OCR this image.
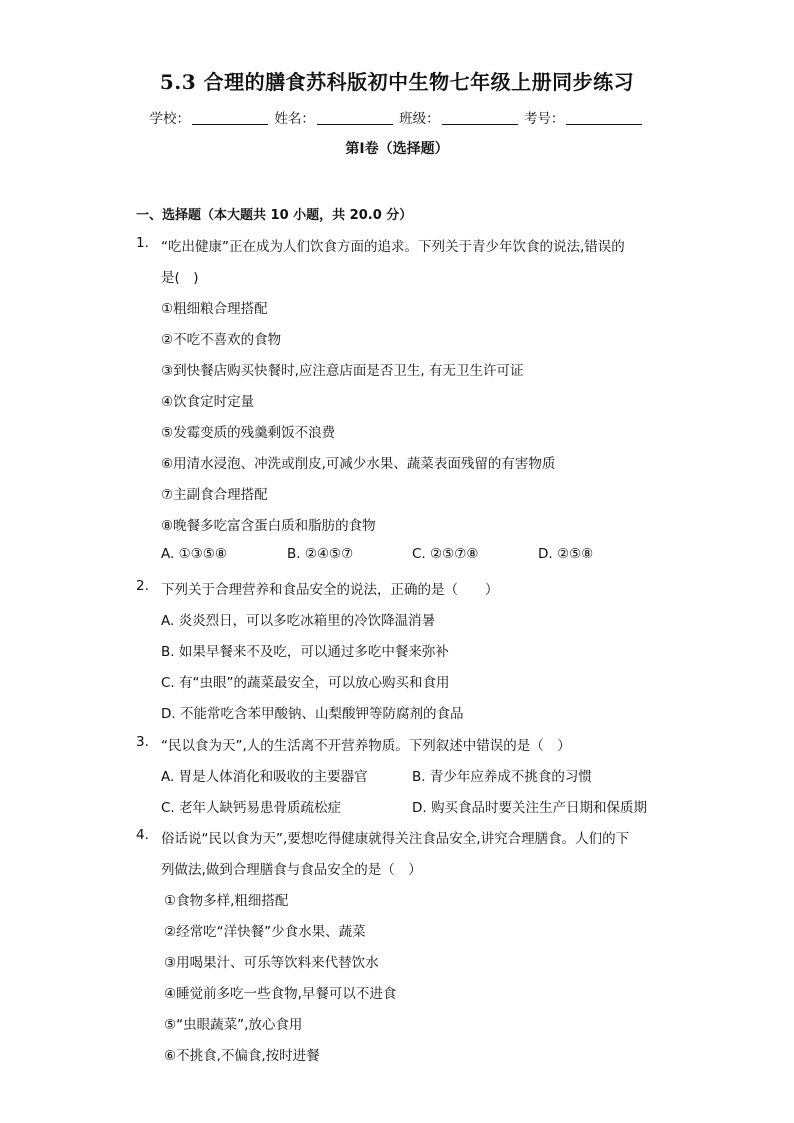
5.3 合理的膳食苏科版初中生物七年级上册同步练习
学校：	姓名：	班级：	考号：
第I卷（选择题）
一、选择题（本大题共 10 小题，共 20.0 分）
1. “吃出健康”正在成为人们饮食方面的追求。下列关于青少年饮食的说法,错误的
是(　)
①粗细粮合理搭配
②不吃不喜欢的食物
③到快餐店购买快餐时,应注意店面是否卫生, 有无卫生许可证
④饮食定时定量
⑤发霉变质的残羹剩饭不浪费
⑥用清水浸泡、冲洗或削皮,可减少水果、蔬菜表面残留的有害物质
⑦主副食合理搭配
⑧晚餐多吃富含蛋白质和脂肪的食物
A. ①③⑤⑧	B. ②④⑤⑦	C. ②⑤⑦⑧	D. ②⑤⑧
2. 下列关于合理营养和食品安全的说法，正确的是（　　）
A. 炎炎烈日，可以多吃冰箱里的冷饮降温消暑
B. 如果早餐来不及吃，可以通过多吃中餐来弥补
C. 有“虫眼”的蔬菜最安全，可以放心购买和食用
D. 不能常吃含苯甲酸钠、山梨酸钾等防腐剂的食品
3. “民以食为天”,人的生活离不开营养物质。下列叙述中错误的是（　）
A. 胃是人体消化和吸收的主要器官	B. 青少年应养成不挑食的习惯
C. 老年人缺钙易患骨质疏松症	D. 购买食品时要关注生产日期和保质期
4. 俗话说“民以食为天”,要想吃得健康就得关注食品安全,讲究合理膳食。人们的下
列做法,做到合理膳食与食品安全的是（　）
①食物多样,粗细搭配
②经常吃“洋快餐”少食水果、蔬菜
③用喝果汁、可乐等饮料来代替饮水
④睡觉前多吃一些食物,早餐可以不进食
⑤“虫眼蔬菜”,放心食用
⑥不挑食,不偏食,按时进餐
